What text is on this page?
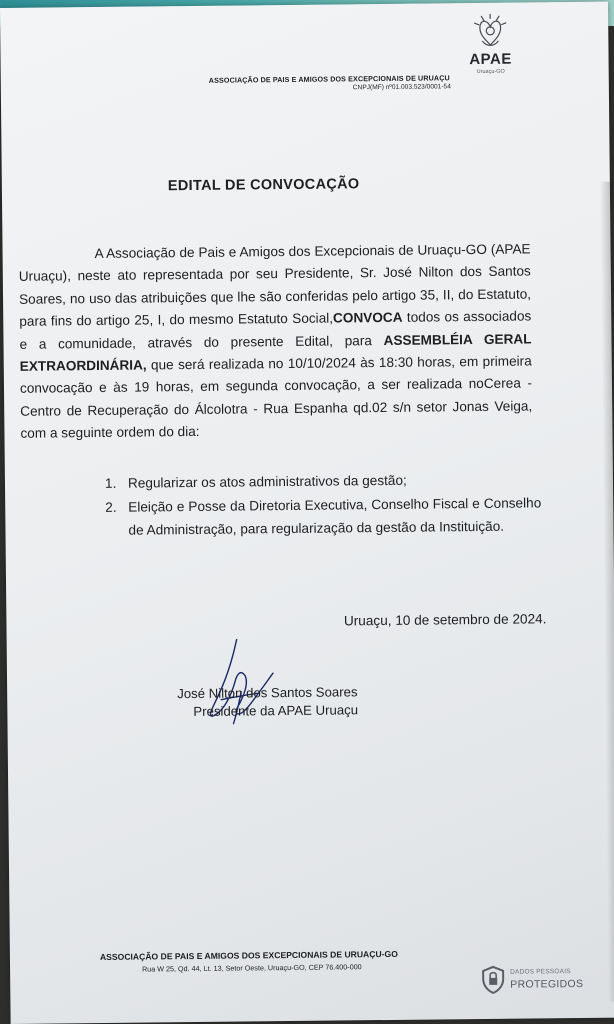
ASSOCIAÇÃO DE PAIS E AMIGOS DOS EXCEPCIONAIS DE URUAÇU
CNPJ(MF) nº01.003.523/0001-54
APAE
Uruaçu-GO
EDITAL DE CONVOCAÇÃO
A Associação de Pais e Amigos dos Excepcionais de Uruaçu-GO (APAE Uruaçu), neste ato representada por seu Presidente, Sr. José Nilton dos Santos Soares, no uso das atribuições que lhe são conferidas pelo artigo 35, II, do Estatuto, para fins do artigo 25, I, do mesmo Estatuto Social,CONVOCA todos os associados e a comunidade, através do presente Edital, para ASSEMBLÉIA GERAL EXTRAORDINÁRIA, que será realizada no 10/10/2024 às 18:30 horas, em primeira convocação e às 19 horas, em segunda convocação, a ser realizada noCerea - Centro de Recuperação do Álcolotra - Rua Espanha qd.02 s/n setor Jonas Veiga, com a seguinte ordem do dia:
1. Regularizar os atos administrativos da gestão;
2. Eleição e Posse da Diretoria Executiva, Conselho Fiscal e Conselho de Administração, para regularização da gestão da Instituição.
Uruaçu, 10 de setembro de 2024.
José Nilton dos Santos Soares
Presidente da APAE Uruaçu
ASSOCIAÇÃO DE PAIS E AMIGOS DOS EXCEPCIONAIS DE URUAÇU-GO
Rua W 25, Qd. 44, Lt. 13, Setor Oeste, Uruaçu-GO, CEP 76.400-000	DADOS PESSOAIS
PROTEGIDOS
